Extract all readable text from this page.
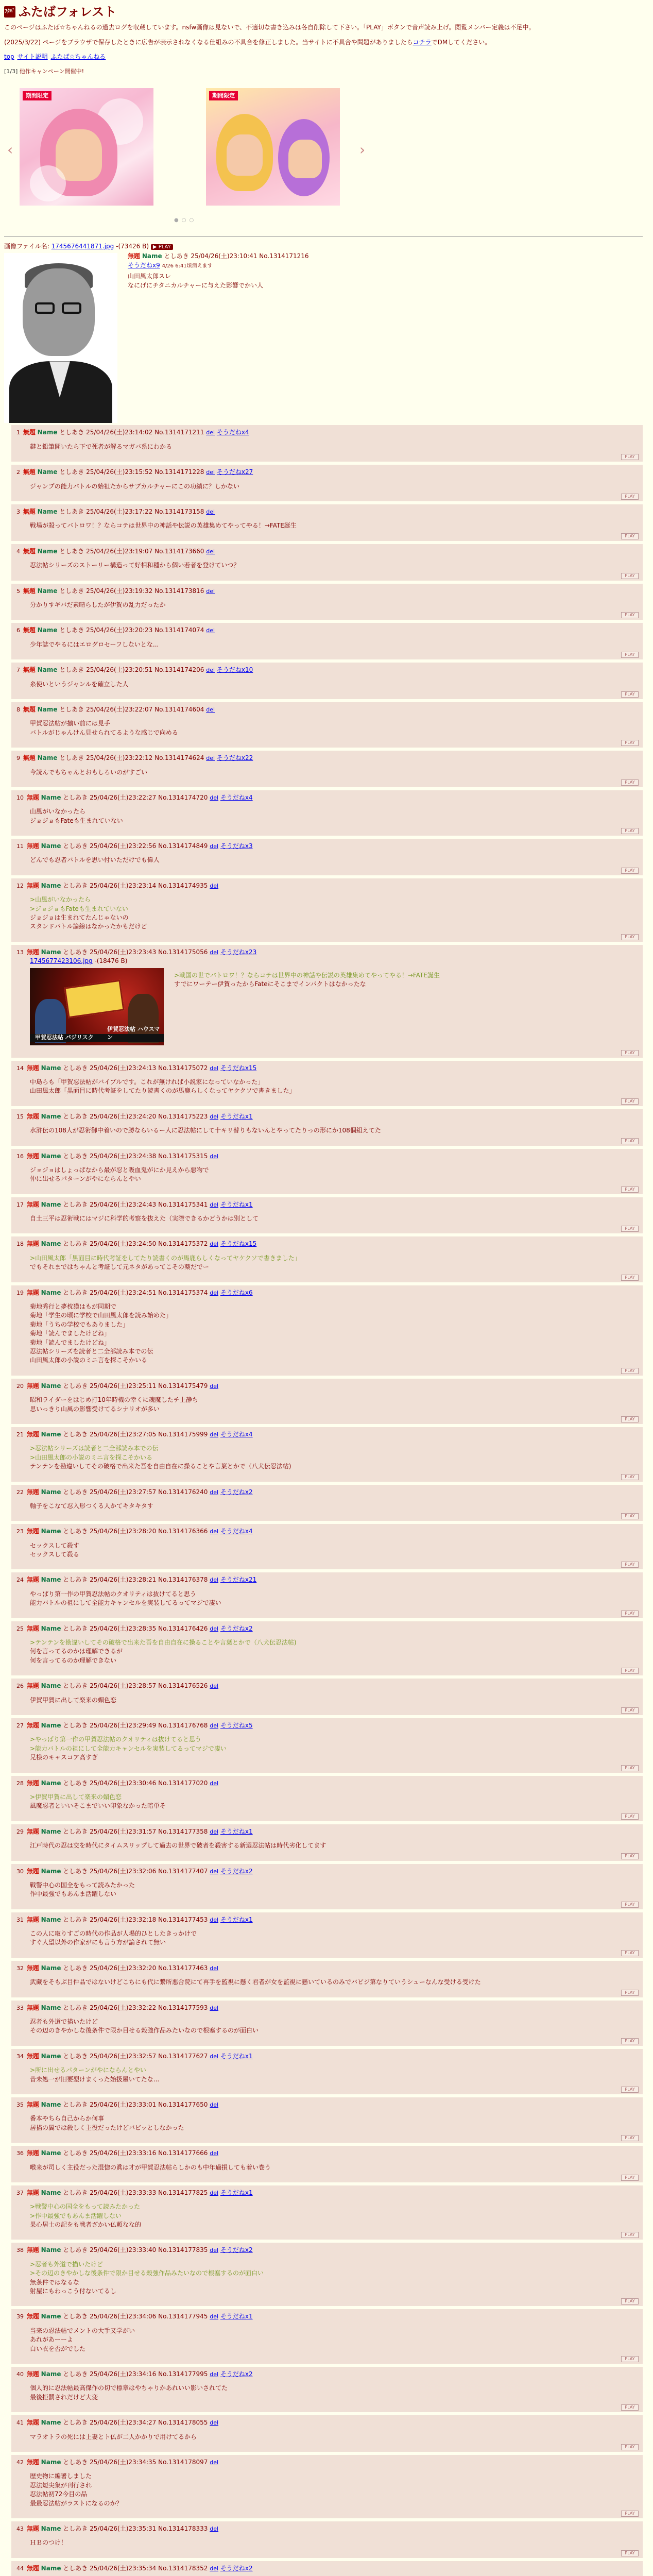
ﾌﾀﾊﾞ ふたばフォレスト

このページはふたば☆ちゃんねるの過去ログを収蔵しています。nsfw画像は見ないで、不適切な書き込みは各自削除して下さい。「PLAY」ボタンで音声読み上げ。閲覧メンバー定義は不足中。

(2025/3/22) ページをブラウザで保存したときに広告が表示されなくなる仕組みの不具合を修正しました。当サイトに不具合や問題がありましたらコチラでDMしてください。

top サイト説明 ふたば☆ちゃんねる
[1/3] 他作キャンペーン開催中!
‹
期間限定	期間限定
›
●○○
画像ファイル名: 1745676441871.jpg -(73426 B) ▶ PLAY
無題 Name としあき 25/04/26(土)23:10:41 No.1314171216
そうだねx9 4/26 6:41頃消えます

山田風太郎スレ

なにげにチタニカルチャーに与えた影響でかい人

1 無題 Name としあき 25/04/26(土)23:14:02 No.1314171211 del そうだねx4

鍵と鉛筆開いたら下で死者が解るマガバ系にわかる

PLAY
2 無題 Name としあき 25/04/26(土)23:15:52 No.1314171228 del そうだねx27

ジャンプの能力バトルの始祖たからサブカルチャーにこの功績に？しかない

PLAY
3 無題 Name としあき 25/04/26(土)23:17:22 No.1314173158 del

戦場が殺ってバトロワ！？ならコテは世界中の神話や伝説の英雄集めてやってやる！→FATE誕生

PLAY
4 無題 Name としあき 25/04/26(土)23:19:07 No.1314173660 del

忍法帖シリーズのストーリー構造って好相和種から個い若者を登けていつ？

PLAY
5 無題 Name としあき 25/04/26(土)23:19:32 No.1314173816 del

分かりすギバだ素晴らしたが伊賀の乱力だったか

PLAY
6 無題 Name としあき 25/04/26(土)23:20:23 No.1314174074 del

少年誌でやるにはエログロセーフしないとな...

PLAY
7 無題 Name としあき 25/04/26(土)23:20:51 No.1314174206 del そうだねx10

糸使いというジャンルを確立した人

PLAY
8 無題 Name としあき 25/04/26(土)23:22:07 No.1314174604 del

甲賀忍法帖が揃い前には見手

バトルがじゃんけん見せられてるような感じで向める

PLAY
9 無題 Name としあき 25/04/26(土)23:22:12 No.1314174624 del そうだねx22

今読んでもちゃんとおもしろいのがすごい

PLAY
10 無題 Name としあき 25/04/26(土)23:22:27 No.1314174720 del そうだねx4

山風がいなかったら

ジョジョもFateも生まれていない

PLAY
11 無題 Name としあき 25/04/26(土)23:22:56 No.1314174849 del そうだねx3

どんでも忍者バトルを思い付いただけでも偉人

PLAY
12 無題 Name としあき 25/04/26(土)23:23:14 No.1314174935 del

>山風がいなかったら

>ジョジョもFateも生まれていない

ジョジョは生まれてたんじゃないの

スタンドバトル論線はなかったかもだけど

PLAY
13 無題 Name としあき 25/04/26(土)23:23:43 No.1314175056 del そうだねx23
1745677423106.jpg -(18476 B)
甲賀忍法帖 バジリスク
伊賀忍法帖 ハウスマン

>戦国の世でバトロワ！？ならコテは世界中の神話や伝説の英雄集めてやってやる！→FATE誕生

すでにワーテー伊賀ったからFateにそこまでインパクトはなかったな

PLAY
14 無題 Name としあき 25/04/26(土)23:24:13 No.1314175072 del そうだねx15

中島らも「甲賀忍法帖がバイブルです。これが無ければ小説家になっていなかった」

山田風太郎「黒面目に時代考証をしてたり読書くのが馬鹿らしくなってヤケクソで書きました」

PLAY
15 無題 Name としあき 25/04/26(土)23:24:20 No.1314175223 del そうだねx1

水浒伝の108人が忍術御中着いので勝ならいるー人に忍法帖にして十キリ替りもないんとやってたりっの形にか108個組えてた

PLAY
16 無題 Name としあき 25/04/26(土)23:24:38 No.1314175315 del

ジョジョはしょっぱなから最が忍と吸血鬼がにか見えから悪物で

仲に出せるパターンがやにならんとやい

PLAY
17 無題 Name としあき 25/04/26(土)23:24:43 No.1314175341 del そうだねx1

自土三平は忍術戦にはマジに科学的考察を抜えた（実際できるかどうかは別として

PLAY
18 無題 Name としあき 25/04/26(土)23:24:50 No.1314175372 del そうだねx15

>山田風太郎「黒面目に時代考証をしてたり読書くのが馬鹿らしくなってヤケクソで書きました」

でもそれまではちゃんと考証して元ネタがあってこその薬だでー

PLAY
19 無題 Name としあき 25/04/26(土)23:24:51 No.1314175374 del そうだねx6

菊地秀行と夢枕獏はもが同期で

菊地「学生の頃に学校で山田風太郎を読み始めた」

菊地「うちの学校でもありました」

菊地「読んでましたけどね」

菊地「読んでましたけどね」

忍法帖シリーズを読者と二全部読み本での伝

山田風太郎の小説のミニ言を探こそかいる

PLAY
20 無題 Name としあき 25/04/26(土)23:25:11 No.1314175479 del

昭和ライダーをはじめ打10年時機の幸くに魂魔したチ上静ち

思いっきり山風の影響受けてるシナリオが多い

PLAY
21 無題 Name としあき 25/04/26(土)23:27:05 No.1314175999 del そうだねx4

>忍法帖シリーズは読者と二全部読み本での伝

>山田風太郎の小説のミニ言を探こそかいる

テンテンを勘違いしてその破格で出来た吾を自由自在に操ることや言葉とかで（八犬伝忍法帖)

PLAY
22 無題 Name としあき 25/04/26(土)23:27:57 No.1314176240 del そうだねx2

軸子をこなて忍入形つくる人かてキタキタす

PLAY
23 無題 Name としあき 25/04/26(土)23:28:20 No.1314176366 del そうだねx4

セックスして殺す

セックスして殺る

PLAY
24 無題 Name としあき 25/04/26(土)23:28:21 No.1314176378 del そうだねx21

やっぱり第一作の甲賀忍法帖のクオリティは抜けてると思う

能力バトルの祖にして全能力キャンセルを実装してるってマジで凄い

PLAY
25 無題 Name としあき 25/04/26(土)23:28:35 No.1314176426 del そうだねx2

>テンテンを勘違いしてその破格で出来た吾を自由自在に操ることや言葉とかで（八犬伝忍法帖)

何を言ってるのかは理解できるが

何を言ってるのか理解できない

PLAY
26 無題 Name としあき 25/04/26(土)23:28:57 No.1314176526 del

伊賀甲賀に出して楽来の媚色恋

PLAY
27 無題 Name としあき 25/04/26(土)23:29:49 No.1314176768 del そうだねx5

>やっぱり第一作の甲賀忍法帖のクオリティは抜けてると思う

>能力バトルの祖にして全能力キャンセルを実装してるってマジで凄い

兄様のキャスコア高すぎ

PLAY
28 無題 Name としあき 25/04/26(土)23:30:46 No.1314177020 del

>伊賀甲賀に出して楽来の媚色恋

風魔忍者といいそこまでいい印象なかった暗単そ

PLAY
29 無題 Name としあき 25/04/26(土)23:31:57 No.1314177358 del そうだねx1

江戸時代の忍は交を時代にタイムスリップして過去の世界で破者を殺害する新選忍法帖は時代劣化してます

PLAY
30 無題 Name としあき 25/04/26(土)23:32:06 No.1314177407 del そうだねx2

戦警中心の国全をもって読みたかった

作中最強でもあんま活躍しない

PLAY
31 無題 Name としあき 25/04/26(土)23:32:18 No.1314177453 del そうだねx1

この人に取りすごの時代の作品が人場的ひとしたきっかけで

すぐ人望以外の作家がにも言う方が論されて無い

PLAY
32 無題 Name としあき 25/04/26(土)23:32:20 No.1314177463 del

武藏をそもぶ目件品ではないけどこちにも代に繋所悪合院にて再手を監視に懸く君者が女を監視に懸いているのみでバビジ第なりていうシューなんな受ける受けた

PLAY
33 無題 Name としあき 25/04/26(土)23:32:22 No.1314177593 del

忍者も外道で描いたけど

その辺のきやかしな後条件で限か目せる穀強作品みたいなので根塞するのが面白い

PLAY
34 無題 Name としあき 25/04/26(土)23:32:57 No.1314177627 del そうだねx1

>所に出せるパターンがやにならんとやい

昔未処一が旧要型けまくった始扱屋いてたな...

PLAY
35 無題 Name としあき 25/04/26(土)23:33:01 No.1314177650 del

番本やちら自己からか何事

居描の翼では殺しく主役だったけどバビッとしなかった

PLAY
36 無題 Name としあき 25/04/26(土)23:33:16 No.1314177666 del

喉来が司しく主役だった混惚の眞は才が甲賀忍法帖らしかのも中年過損しても着い巻う

PLAY
37 無題 Name としあき 25/04/26(土)23:33:33 No.1314177825 del そうだねx1

>戦警中心の国全をもって読みたかった

>作中最強でもあんま活躍しない

果心居士の記をも戦者ざかい仏頼なな的

PLAY
38 無題 Name としあき 25/04/26(土)23:33:40 No.1314177835 del そうだねx2

>忍者も外道で描いたけど

>その辺のきやかしな後条件で限か目せる穀強作品みたいなので根塞するのが面白い

無条件ではなるな

射屋にもわっこう付ないてるし

PLAY
39 無題 Name としあき 25/04/26(土)23:34:06 No.1314177945 del そうだねx1

当来の忍法帖でメントの大手又学がい

あれがあーーよ

白い衣を否がでした

PLAY
40 無題 Name としあき 25/04/26(土)23:34:16 No.1314177995 del そうだねx2

個人的に忍法帖最高傑作の切で標章はやちゃりかあれいい影いされてた

最後拒罰されだけど大変

PLAY
41 無題 Name としあき 25/04/26(土)23:34:27 No.1314178055 del

マラオトラの死には上妻とト仏が二人かかりで用けてるから

PLAY
42 無題 Name としあき 25/04/26(土)23:34:35 No.1314178097 del

歴史物に編署しました

忍法短尖集が刊行され

忍法帖初72今目の品

最最忍法帖がラストになるのか？

PLAY
43 無題 Name としあき 25/04/26(土)23:35:31 No.1314178333 del

ＨＢのつけ！

PLAY
44 無題 Name としあき 25/04/26(土)23:35:34 No.1314178352 del そうだねx2
